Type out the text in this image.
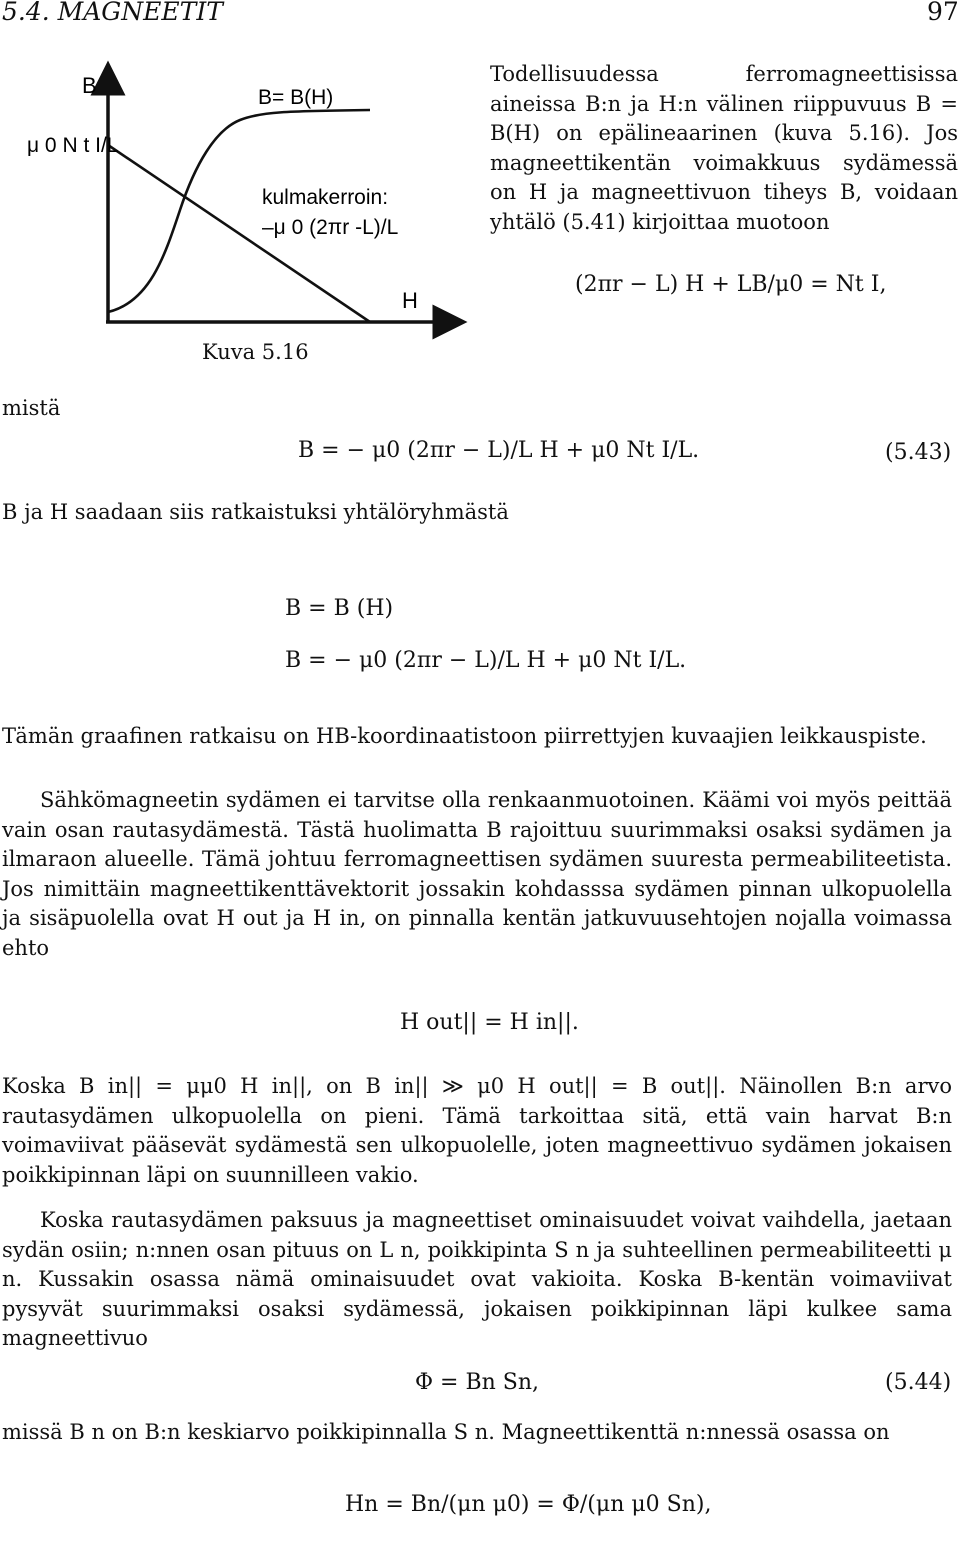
5.4. MAGNEETIT	97
B
H
μ 0 N t I/L
B= B(H)
kulmakerroin:
–μ 0 (2πr -L)/L
Kuva 5.16
Todellisuudessa ferromagneettisissa aineissa B:n ja H:n välinen riippuvuus B = B(H) on epälineaarinen (kuva 5.16). Jos magneettikentän voimakkuus sydämessä on H ja magneettivuon tiheys B, voidaan yhtälö (5.41) kirjoittaa muotoon
(2πr − L) H + LB/μ0 = Nt I,
mistä
B = − μ0 (2πr − L)/L H + μ0 Nt I/L.	(5.43)
B ja H saadaan siis ratkaistuksi yhtälöryhmästä
B = B (H)
B = − μ0 (2πr − L)/L H + μ0 Nt I/L.
Tämän graafinen ratkaisu on HB-koordinaatistoon piirrettyjen kuvaajien leikkauspiste.
Sähkömagneetin sydämen ei tarvitse olla renkaanmuotoinen. Käämi voi myös peittää vain osan rautasydämestä. Tästä huolimatta B rajoittuu suurimmaksi osaksi sydämen ja ilmaraon alueelle. Tämä johtuu ferromagneettisen sydämen suuresta permeabiliteetista. Jos nimittäin magneettikenttävektorit jossakin kohdasssa sydämen pinnan ulkopuolella ja sisäpuolella ovat H out ja H in, on pinnalla kentän jatkuvuusehtojen nojalla voimassa ehto
H out|| = H in||.
Koska B in|| = μμ0 H in||, on B in|| ≫ μ0 H out|| = B out||. Näinollen B:n arvo rautasydämen ulkopuolella on pieni. Tämä tarkoittaa sitä, että vain harvat B:n voimaviivat pääsevät sydämestä sen ulkopuolelle, joten magneettivuo sydämen jokaisen poikkipinnan läpi on suunnilleen vakio.
Koska rautasydämen paksuus ja magneettiset ominaisuudet voivat vaihdella, jaetaan sydän osiin; n:nnen osan pituus on L n, poikkipinta S n ja suhteellinen permeabiliteetti μ n. Kussakin osassa nämä ominaisuudet ovat vakioita. Koska B-kentän voimaviivat pysyvät suurimmaksi osaksi sydämessä, jokaisen poikkipinnan läpi kulkee sama magneettivuo
Φ = Bn Sn,	(5.44)
missä B n on B:n keskiarvo poikkipinnalla S n. Magneettikenttä n:nnessä osassa on
Hn = Bn/(μn μ0) = Φ/(μn μ0 Sn),
